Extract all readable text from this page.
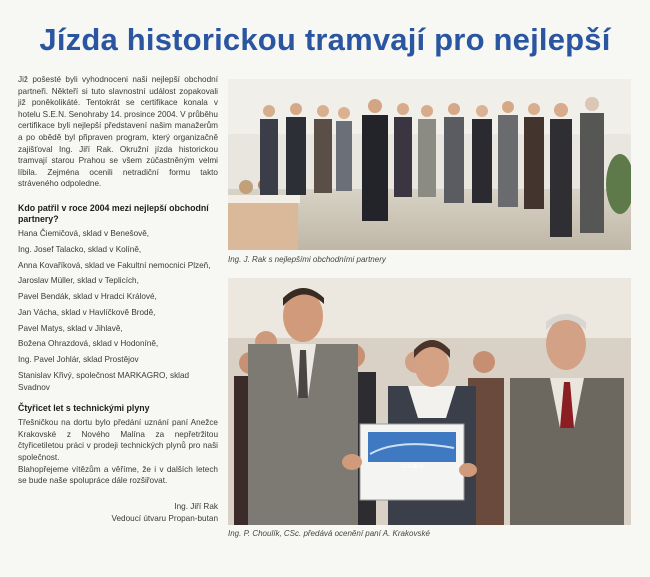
Jízda historickou tramvají pro nejlepší

Již pošesté byli vyhodnoceni naši nejlepší obchodní partneři. Někteří si tuto slavnostní událost zopakovali již poněkolikáté. Tentokrát se certifikace konala v hotelu S.E.N. Senohraby 14. prosince 2004. V průběhu certifikace byli nejlepší představení našim manažerům a po obědě byl připraven program, který organizačně zajišťoval Ing. Jiří Rak. Okružní jízda historickou tramvají starou Prahou se všem zúčastněným velmi líbila. Zejména ocenili netradiční formu takto stráveného odpoledne.

Kdo patřil v roce 2004 mezi nejlepší obchodní partnery?

Hana Čiemičová, sklad v Benešově,

Ing. Josef Talacko, sklad v Kolíně,

Anna Kovaříková, sklad ve Fakultní nemocnici Plzeň,

Jaroslav Müller, sklad v Teplicích,

Pavel Bendák, sklad v Hradci Králové,

Jan Vácha, sklad v Havlíčkově Brodě,

Pavel Matys, sklad v Jihlavě,

Božena Ohrazdová, sklad v Hodoníně,

Ing. Pavel Johlár, sklad Prostějov

Stanislav Křivý, společnost MARKAGRO, sklad Svadnov

Čtyřicet let s technickými plyny

Třešničkou na dortu bylo předání uznání paní Anežce Krakovské z Nového Malína za nepřetržitou čtyřicetiletou práci v prodeji technických plynů pro naši společnost.

Blahopřejeme vítězům a věříme, že i v dalších letech se bude naše spolupráce dále rozšiřovat.

Ing. Jiří Rak

Vedoucí útvaru Propan-butan

Ing. J. Rak s nejlepšími obchodními partnery
OCENĚNÍ
Ing. P. Choulík, CSc. předává ocenění paní A. Krakovské
